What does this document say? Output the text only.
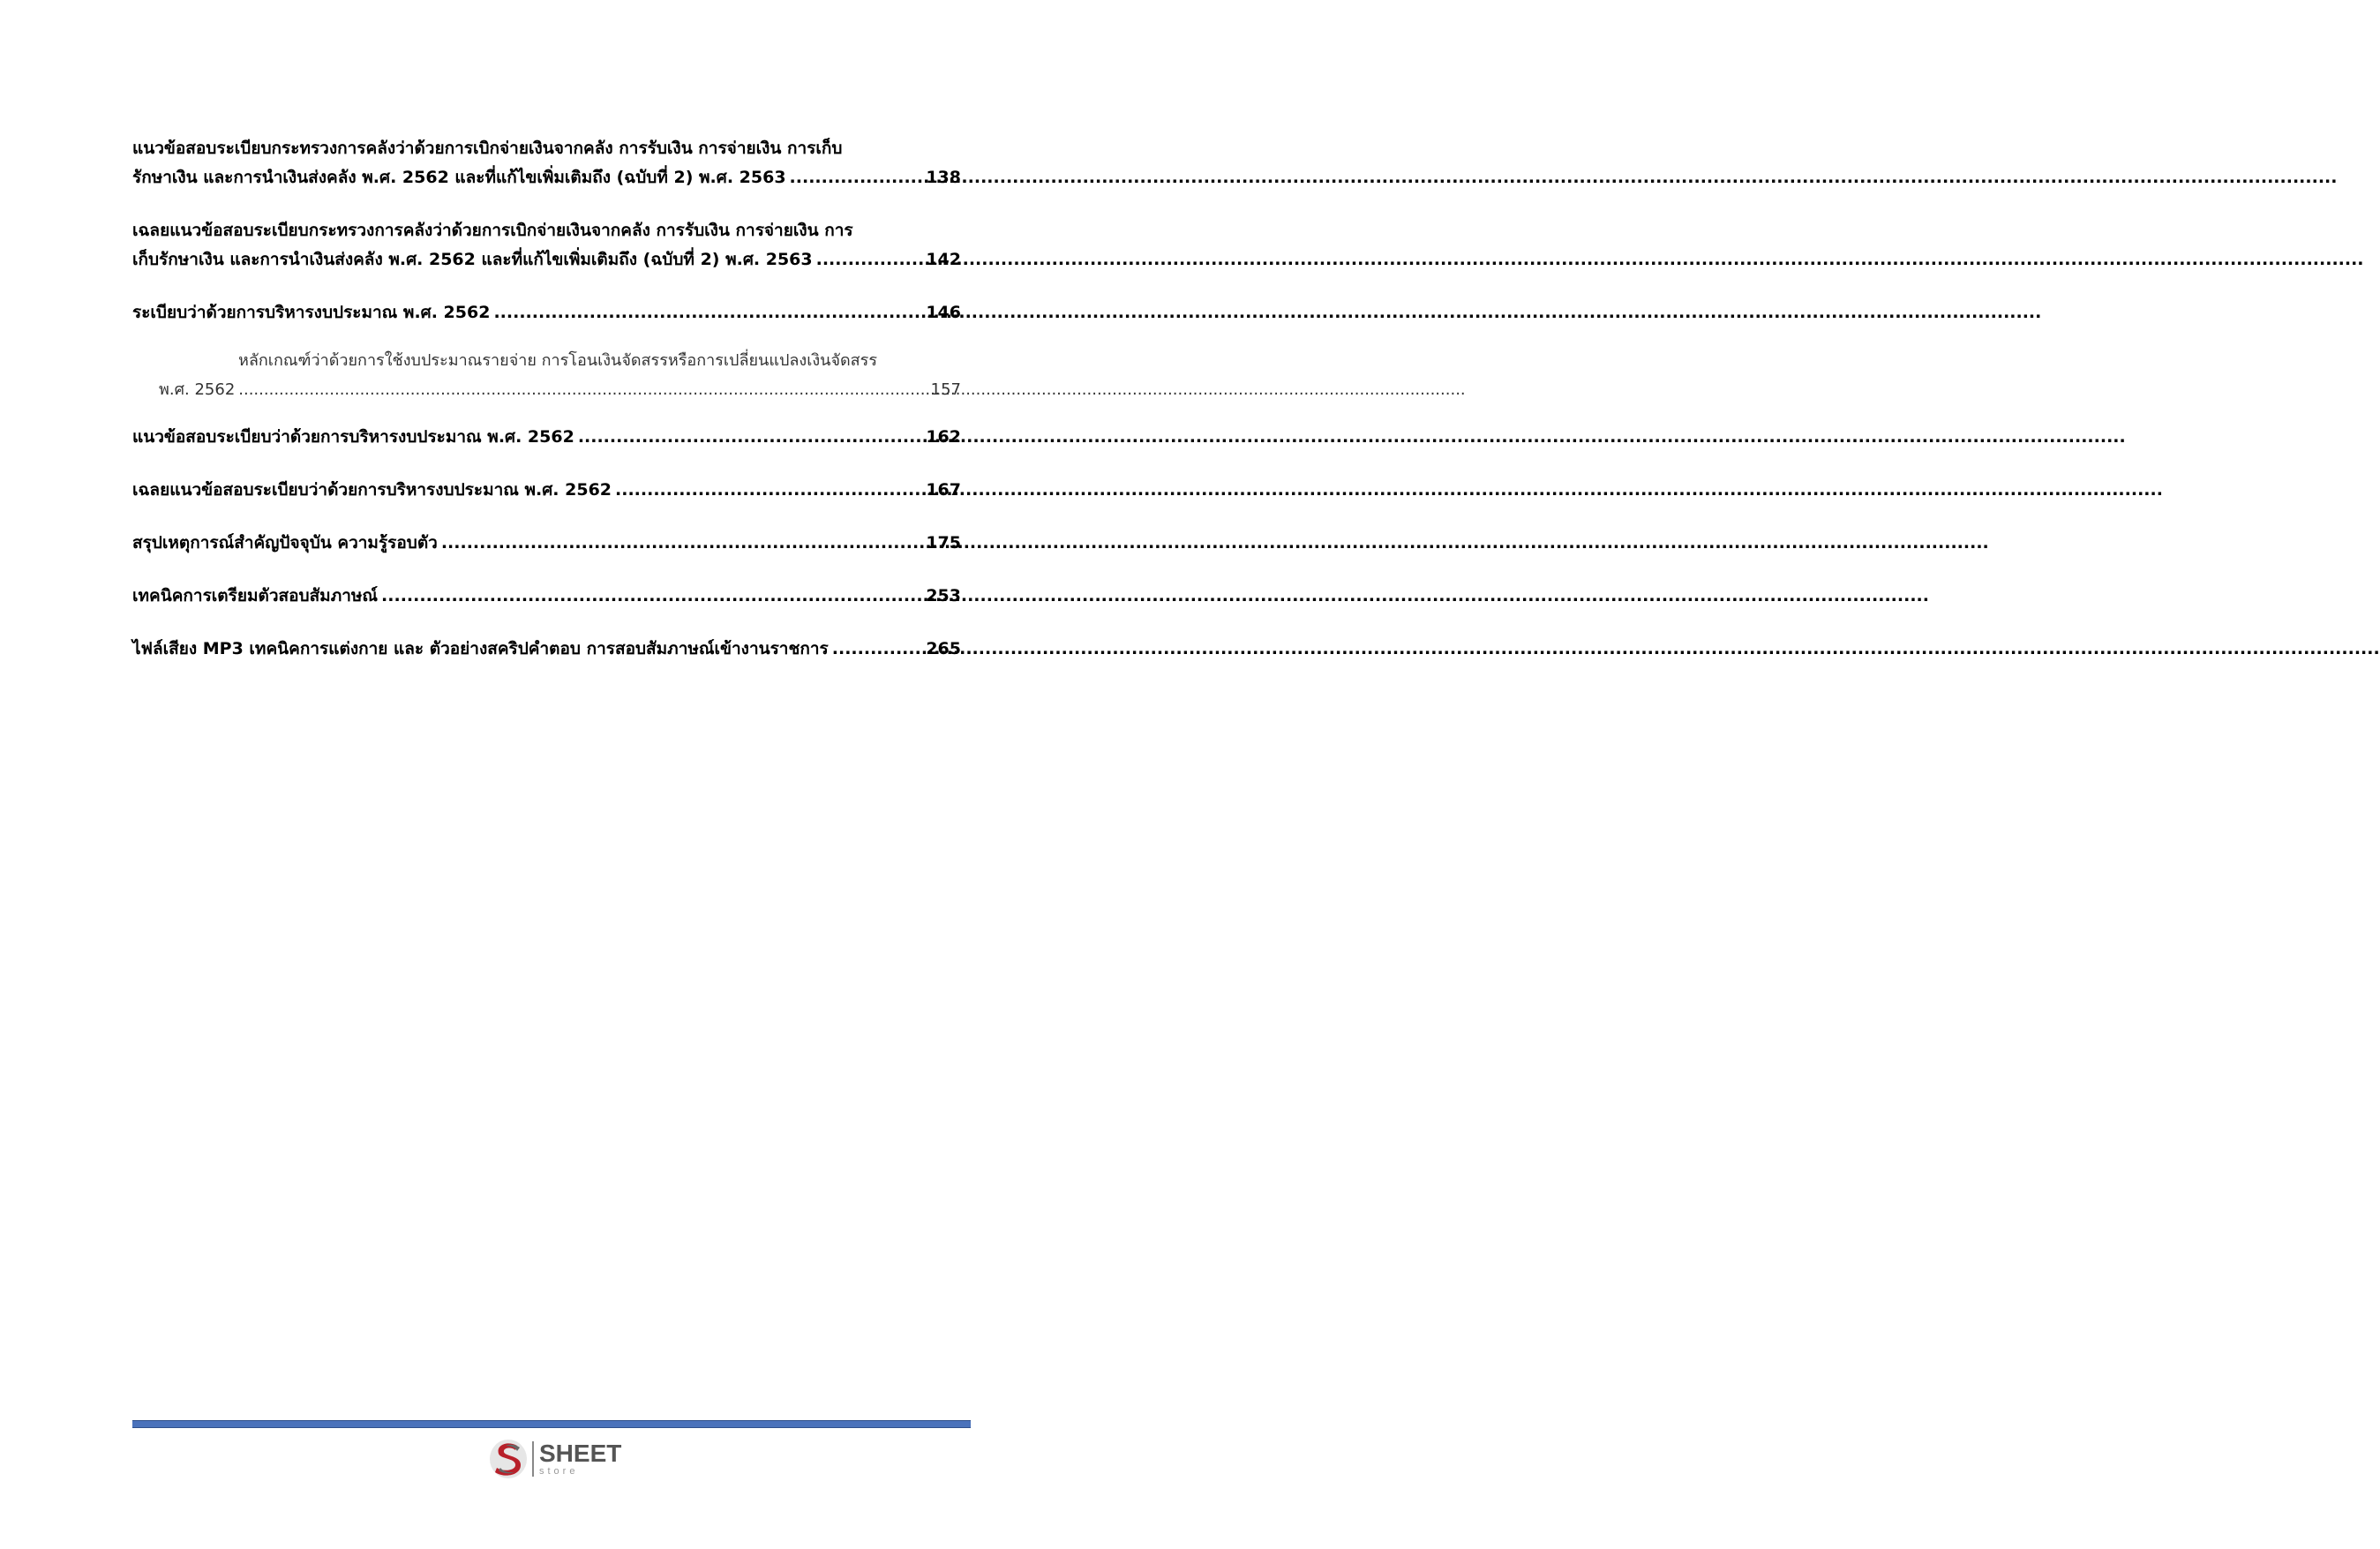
แนวข้อสอบระเบียบกระทรวงการคลังว่าด้วยการเบิกจ่ายเงินจากคลัง การรับเงิน การจ่ายเงิน การเก็บ
รักษาเงิน และการนำเงินส่งคลัง พ.ศ. 2562 และที่แก้ไขเพิ่มเติมถึง (ฉบับที่ 2) พ.ศ. 2563 .....	138
เฉลยแนวข้อสอบระเบียบกระทรวงการคลังว่าด้วยการเบิกจ่ายเงินจากคลัง การรับเงิน การจ่ายเงิน การ
เก็บรักษาเงิน และการนำเงินส่งคลัง พ.ศ. 2562 และที่แก้ไขเพิ่มเติมถึง (ฉบับที่ 2) พ.ศ. 2563 .....	142
ระเบียบว่าด้วยการบริหารงบประมาณ พ.ศ. 2562 .....	146
หลักเกณฑ์ว่าด้วยการใช้งบประมาณรายจ่าย การโอนเงินจัดสรรหรือการเปลี่ยนแปลงเงินจัดสรร
พ.ศ. 2562 .....	157
แนวข้อสอบระเบียบว่าด้วยการบริหารงบประมาณ พ.ศ. 2562 .....	162
เฉลยแนวข้อสอบระเบียบว่าด้วยการบริหารงบประมาณ พ.ศ. 2562 .....	167
สรุปเหตุการณ์สำคัญปัจจุบัน ความรู้รอบตัว .....	175
เทคนิคการเตรียมตัวสอบสัมภาษณ์ .....	253
ไฟล์เสียง MP3 เทคนิคการแต่งกาย และ ตัวอย่างสคริปคำตอบ การสอบสัมภาษณ์เข้างานราชการ .....	265
SHEET
store
